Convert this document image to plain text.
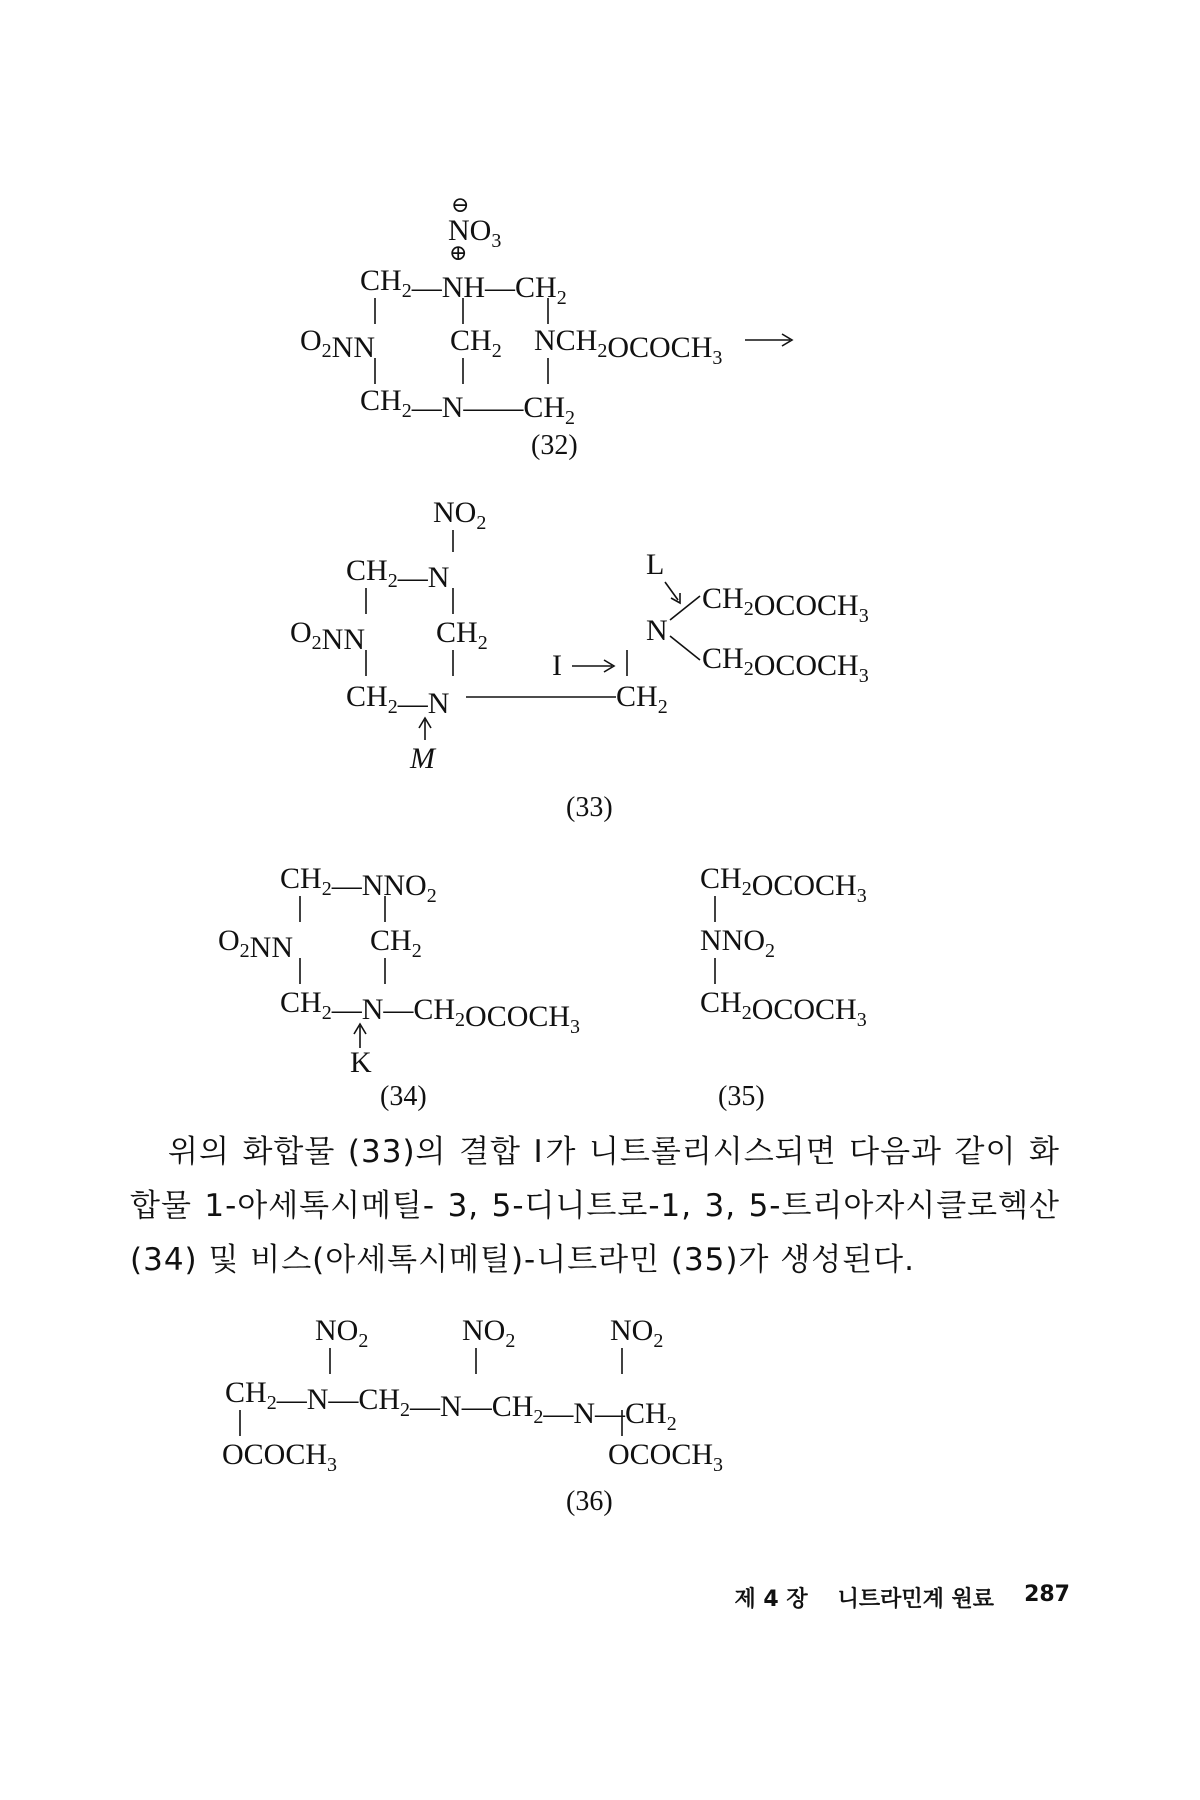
⊖
$NO_3$
⊕
$CH_2—NH—CH_2$
$O_2NN$ $CH_2$ $NCH_2OCOCH_3$
$CH_2—N——CH_2$
(32)
$NO_2$
$CH_2—N$
$O_2NN$ $CH_2$
$CH_2—N$	$CH_2$
I
L
N
$CH_2OCOCH_3$
$CH_2OCOCH_3$
M
(33)
$CH_2—NNO_2$
$O_2NN$	$CH_2$
$CH_2—N—CH_2OCOCH_3$
K
(34)
$CH_2OCOCH_3$
$NNO_2$
$CH_2OCOCH_3$
(35)
$NO_2$	$NO_2$	$NO_2$
$CH_2—N—CH_2—N—CH_2—N—CH_2$
$OCOCH_3$	$OCOCH_3$
(36)

위의 화합물 (33)의 결합 Ⅰ가 니트롤리시스되면 다음과 같이 화합물 1-아세톡시메틸- 3, 5-디니트로-1, 3, 5-트리아자시클로헥산 (34) 및 비스(아세톡시메틸)-니트라민 (35)가 생성된다.

제 4 장 니트라민계 원료 287
